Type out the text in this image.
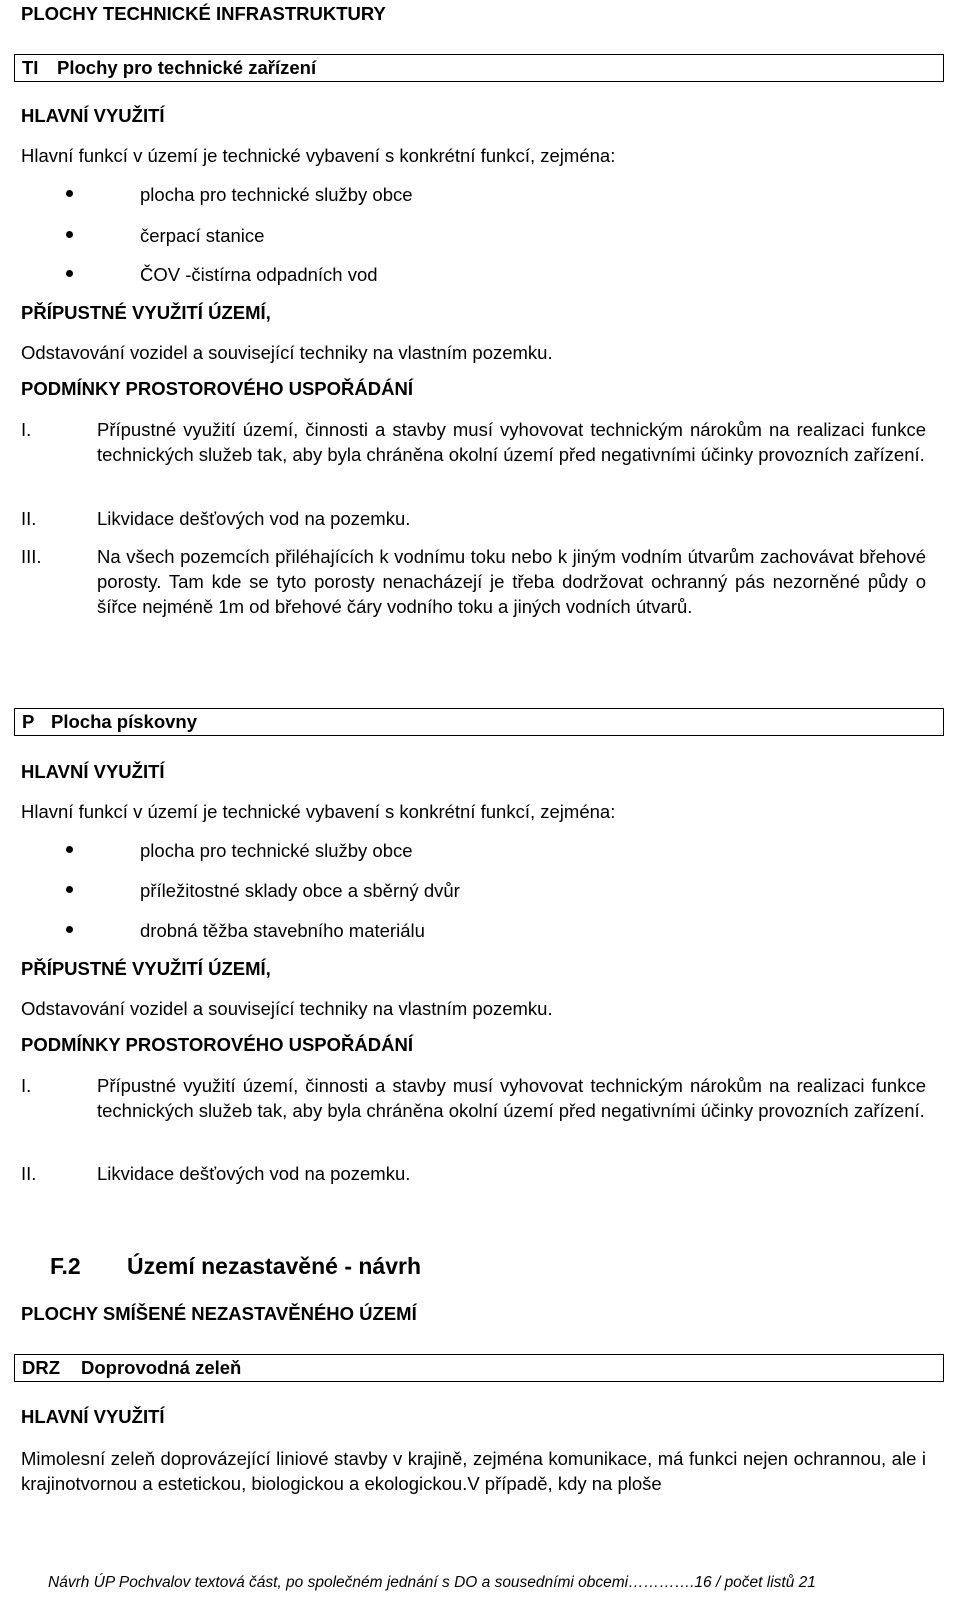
PLOCHY TECHNICKÉ INFRASTRUKTURY
TI Plochy pro technické zařízení
HLAVNÍ VYUŽITÍ
Hlavní funkcí v území je technické vybavení s konkrétní funkcí, zejména:
plocha pro technické služby obce
čerpací stanice
ČOV -čistírna odpadních vod
PŘÍPUSTNÉ VYUŽITÍ ÚZEMÍ,
Odstavování vozidel a související techniky na vlastním pozemku.
PODMÍNKY PROSTOROVÉHO USPOŘÁDÁNÍ
I.	Přípustné využití území, činnosti a stavby musí vyhovovat technickým nárokům na realizaci funkce technických služeb tak, aby byla chráněna okolní území před negativními účinky provozních zařízení.
II.	Likvidace dešťových vod na pozemku.
III.	Na všech pozemcích přiléhajících k vodnímu toku nebo k jiným vodním útvarům zachovávat břehové porosty. Tam kde se tyto porosty nenacházejí je třeba dodržovat ochranný pás nezorněné půdy o šířce nejméně 1m od břehové čáry vodního toku a jiných vodních útvarů.
P Plocha pískovny
HLAVNÍ VYUŽITÍ
Hlavní funkcí v území je technické vybavení s konkrétní funkcí, zejména:
plocha pro technické služby obce
příležitostné sklady obce a sběrný dvůr
drobná těžba stavebního materiálu
PŘÍPUSTNÉ VYUŽITÍ ÚZEMÍ,
Odstavování vozidel a související techniky na vlastním pozemku.
PODMÍNKY PROSTOROVÉHO USPOŘÁDÁNÍ
I.	Přípustné využití území, činnosti a stavby musí vyhovovat technickým nárokům na realizaci funkce technických služeb tak, aby byla chráněna okolní území před negativními účinky provozních zařízení.
II.	Likvidace dešťových vod na pozemku.
F.2 Území nezastavěné - návrh
PLOCHY SMÍŠENÉ NEZASTAVĚNÉHO ÚZEMÍ
DRZ Doprovodná zeleň
HLAVNÍ VYUŽITÍ
Mimolesní zeleň doprovázející liniové stavby v krajině, zejména komunikace, má funkci nejen ochrannou, ale i krajinotvornou a estetickou, biologickou a ekologickou.V případě, kdy na ploše
Návrh ÚP Pochvalov textová část, po společném jednání s DO a sousedními obcemi………….16 / počet listů 21
